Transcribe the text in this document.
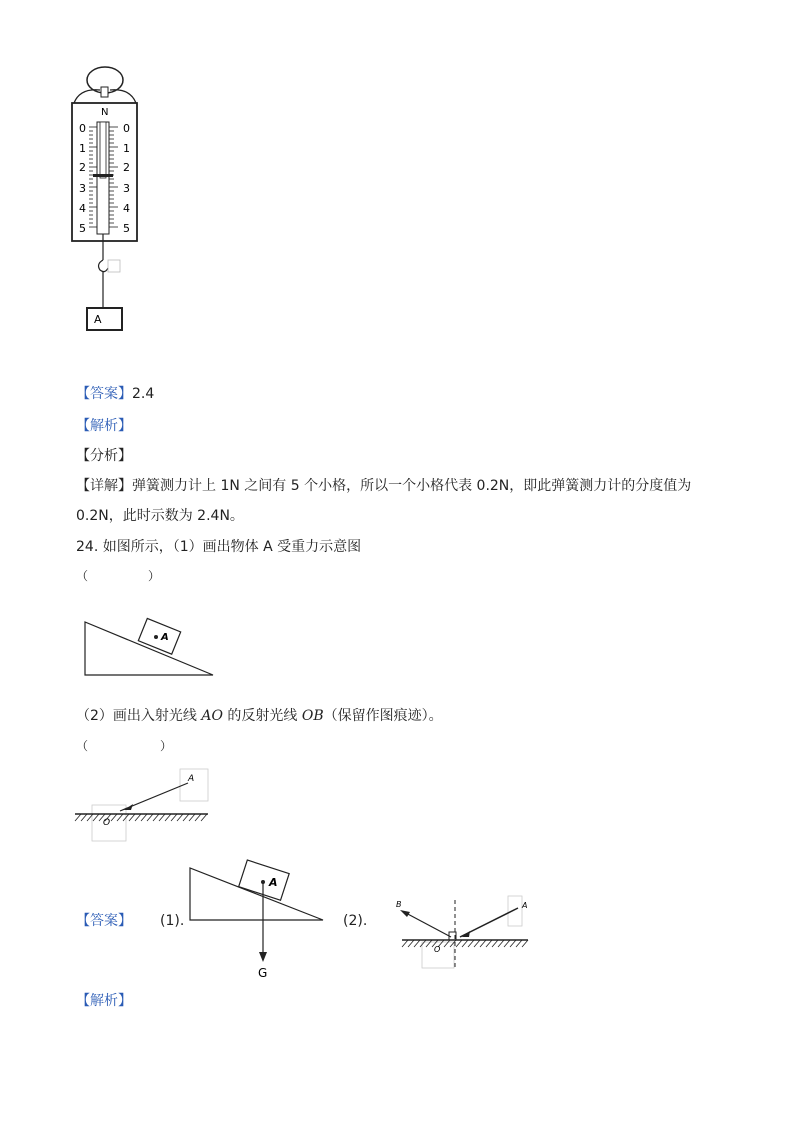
N
0
1
2
3
4
5
0
1
2
3
4
5
A
【答案】2.4
【解析】
【分析】
【详解】弹簧测力计上 1N 之间有 5 个小格，所以一个小格代表 0.2N，即此弹簧测力计的分度值为
0.2N，此时示数为 2.4N。
24. 如图所示，（1）画出物体 A 受重力示意图
（　　　　　）
A
（2）画出入射光线 AO 的反射光线 OB（保留作图痕迹）。
（　　　　　　）
A
O
【答案】 (1).
A
G
(2).
B	A
O
【解析】
